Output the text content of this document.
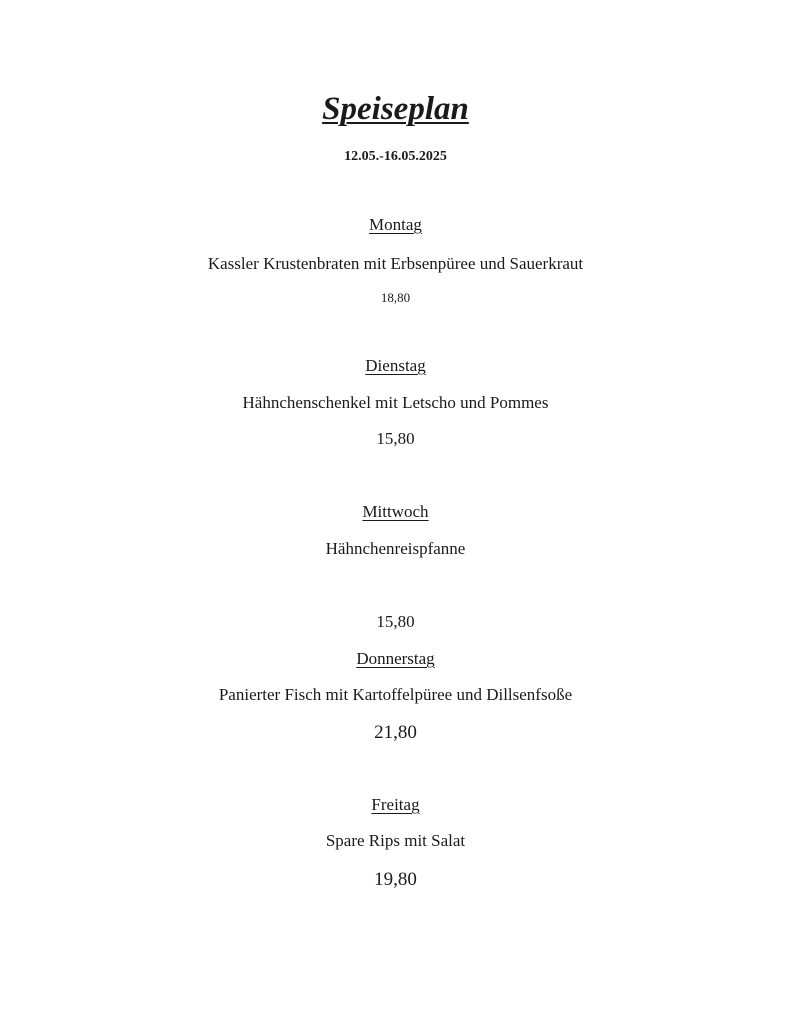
Speiseplan
12.05.-16.05.2025
Montag
Kassler Krustenbraten mit Erbsenpüree und Sauerkraut
18,80
Dienstag
Hähnchenschenkel mit Letscho und Pommes
15,80
Mittwoch
Hähnchenreispfanne
15,80
Donnerstag
Panierter Fisch mit Kartoffelpüree und Dillsenfsoße
21,80
Freitag
Spare Rips mit Salat
19,80
